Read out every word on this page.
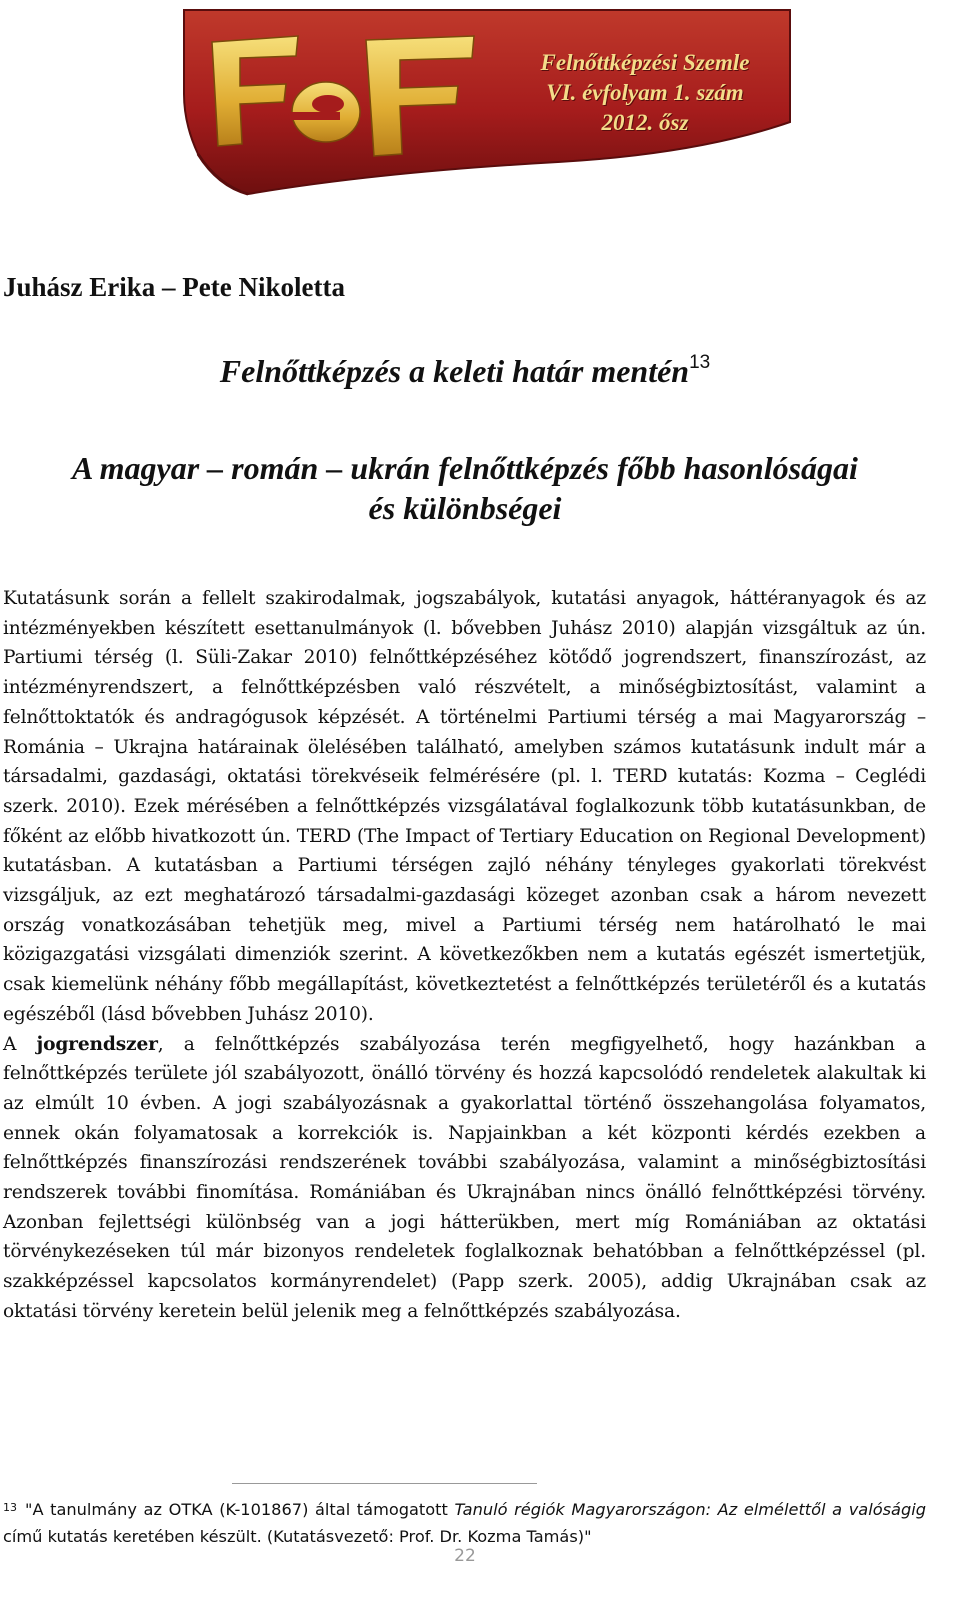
Felnőttképzési Szemle
VI. évfolyam 1. szám
2012. ősz
Juhász Erika – Pete Nikoletta
Felnőttképzés a keleti határ mentén$^{13}$
A magyar – román – ukrán felnőttképzés főbb hasonlóságai
és különbségei

Kutatásunk során a fellelt szakirodalmak, jogszabályok, kutatási anyagok, háttéranyagok és az intézményekben készített esettanulmányok (l. bővebben Juhász 2010) alapján vizsgáltuk az ún. Partiumi térség (l. Süli-Zakar 2010) felnőttképzéséhez kötődő jogrendszert, finanszírozást, az intézményrendszert, a felnőttképzésben való részvételt, a minőségbiztosítást, valamint a felnőttoktatók és andragógusok képzését. A történelmi Partiumi térség a mai Magyarország – Románia – Ukrajna határainak ölelésében található, amelyben számos kutatásunk indult már a társadalmi, gazdasági, oktatási törekvéseik felmérésére (pl. l. TERD kutatás: Kozma – Ceglédi szerk. 2010). Ezek mérésében a felnőttképzés vizsgálatával foglalkozunk több kutatásunkban, de főként az előbb hivatkozott ún. TERD (The Impact of Tertiary Education on Regional Development) kutatásban. A kutatásban a Partiumi térségen zajló néhány tényleges gyakorlati törekvést vizsgáljuk, az ezt meghatározó társadalmi-gazdasági közeget azonban csak a három nevezett ország vonatkozásában tehetjük meg, mivel a Partiumi térség nem határolható le mai közigazgatási vizsgálati dimenziók szerint. A következőkben nem a kutatás egészét ismertetjük, csak kiemelünk néhány főbb megállapítást, következtetést a felnőttképzés területéről és a kutatás egészéből (lásd bővebben Juhász 2010).

A jogrendszer, a felnőttképzés szabályozása terén megfigyelhető, hogy hazánkban a felnőttképzés területe jól szabályozott, önálló törvény és hozzá kapcsolódó rendeletek alakultak ki az elmúlt 10 évben. A jogi szabályozásnak a gyakorlattal történő összehangolása folyamatos, ennek okán folyamatosak a korrekciók is. Napjainkban a két központi kérdés ezekben a felnőttképzés finanszírozási rendszerének további szabályozása, valamint a minőségbiztosítási rendszerek további finomítása. Romániában és Ukrajnában nincs önálló felnőttképzési törvény. Azonban fejlettségi különbség van a jogi hátterükben, mert míg Romániában az oktatási törvénykezéseken túl már bizonyos rendeletek foglalkoznak behatóbban a felnőttképzéssel (pl. szakképzéssel kapcsolatos kormányrendelet) (Papp szerk. 2005), addig Ukrajnában csak az oktatási törvény keretein belül jelenik meg a felnőttképzés szabályozása.

$^{13}$ "A tanulmány az OTKA (K-101867) által támogatott Tanuló régiók Magyarországon: Az elmélettől a valóságig című kutatás keretében készült. (Kutatásvezető: Prof. Dr. Kozma Tamás)"
22
